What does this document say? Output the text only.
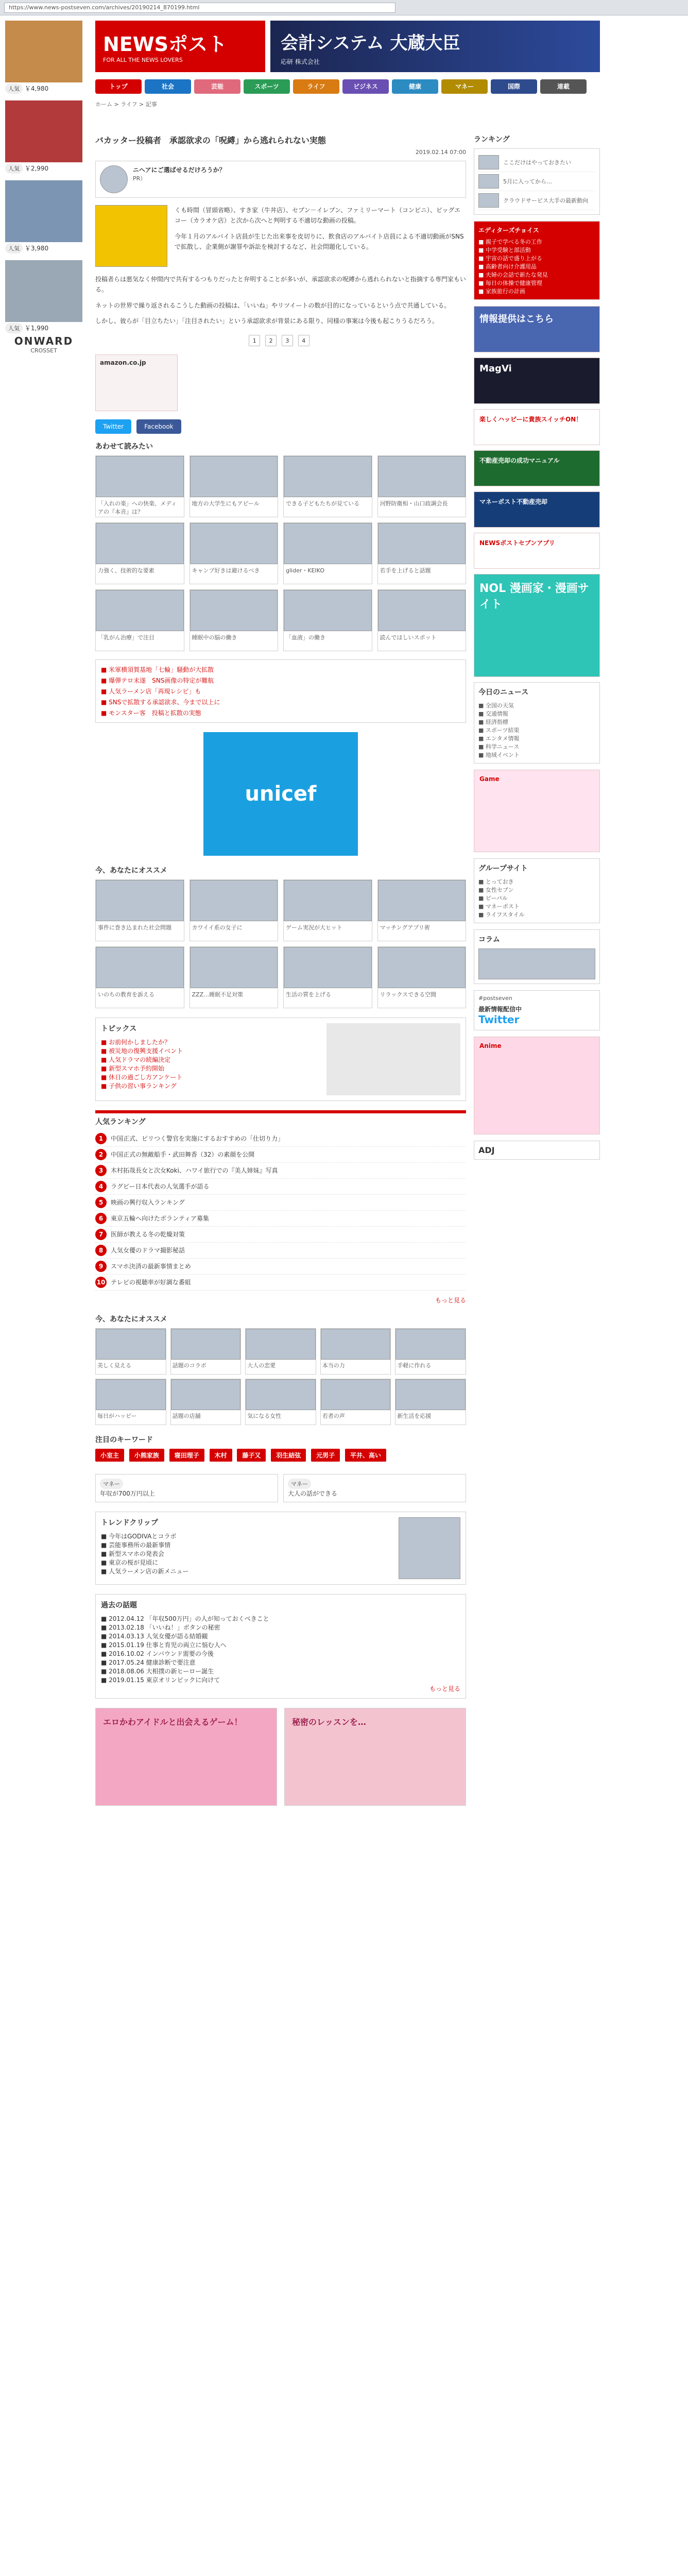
https://www.news-postseven.com/archives/20190214_870199.html
人気 ￥4,980
人気 ￥2,990
人気 ￥3,980
人気 ￥1,990
ONWARD
CROSSET
NEWSポスト
FOR ALL THE NEWS LOVERS
会計システム 大蔵大臣
応研 株式会社
トップ	社会	芸能	スポーツ	ライフ	ビジネス	健康	マネー	国際	連載
ホーム > ライフ > 記事
バカッター投稿者　承認欲求の「呪縛」から逃れられない実態
2019.02.14 07:00
ニヘアにご選ばせるだけろうか？
PR）

くも時間（冒頭省略）、すき家（牛丼店）、セブン－イレブン、ファミリーマート（コンビニ）、ビッグエコー（カラオケ店）と次から次へと判明する不適切な動画の投稿。

今年１月のアルバイト店員が生じた出来事を皮切りに、飲食店のアルバイト店員による不適切動画がSNSで拡散し、企業側が謝罪や訴訟を検討するなど、社会問題化している。

投稿者らは悪気なく仲間内で共有するつもりだったと弁明することが多いが、承認欲求の呪縛から逃れられないと指摘する専門家もいる。

ネットの世界で繰り返されるこうした動画の投稿は、「いいね」やリツイートの数が目的になっているという点で共通している。

しかし、彼らが「目立ちたい」「注目されたい」という承認欲求が背景にある限り、同様の事案は今後も起こりうるだろう。

1 2 3 4
amazon.co.jp
Twitter	Facebook
あわせて読みたい
「入れの楽」への快楽、メディアの『本音』は？
地方の大学生にもアピール	できる子どもたちが見ている	河野防衛相・山口政調会長
力強く、技術的な要素	キャンプ好きは避けるべき	glider・KEIKO	若手を上げると話題
「乳がん治療」で注目	睡眠中の脳の働き	「血液」の働き	読んでほしいスポット
■ 米軍横須賀基地「七輪」騒動が大拡散
■ 爆弾テロ未遂　SNS画像の特定が難航
■ 人気ラーメン店「再現レシピ」も
■ SNSで拡散する承認欲求、今まで以上に
■ モンスター客　投稿と拡散の実態
unicef
今、あなたにオススメ
事件に巻き込まれた社会問題	カワイイ系の女子に	ゲーム実況が大ヒット	マッチングアプリ術
いのちの教育を訴える	ZZZ…睡眠不足対策	生活の質を上げる	リラックスできる空間
トピックス
■ お前何かしましたか？
■ 被災地の復興支援イベント
■ 人気ドラマの続編決定
■ 新型スマホ予約開始
■ 休日の過ごし方アンケート
■ 子供の習い事ランキング
人気ランキング
1	中国正式、ピリつく警官を実施にするおすすめの「仕切り力」
2	中国正式の無敵船手・武田舞香（32）の素顔を公開
3	木村拓哉長女と次女Koki、ハワイ旅行での『美人姉妹』写真
4	ラグビー日本代表の人気選手が語る
5	映画の興行収入ランキング
6	東京五輪へ向けたボランティア募集
7	医師が教える冬の乾燥対策
8	人気女優のドラマ撮影秘話
9	スマホ決済の最新事情まとめ
10 テレビの視聴率が好調な番組
もっと見る
今、あなたにオススメ
美しく見える	話題のコラボ	大人の恋愛	本当の力	手軽に作れる
毎日がハッピー	話題の店舗	気になる女性	若者の声	新生活を応援
注目のキーワード
小室主 小熊家族 寝田理子 木村 藤子又 羽生結弦 元男子 平井、高い
マネー
年収が700万円以上
マネー
大人の話ができる
トレンドクリップ
■ 今年はGODIVAとコラボ
■ 芸能事務所の最新事情
■ 新型スマホの発表会
■ 東京の桜が見頃に
■ 人気ラーメン店の新メニュー
過去の話題
■ 2012.04.12 「年収500万円」の人が知っておくべきこと
■ 2013.02.18 「いいね！」ボタンの秘密
■ 2014.03.13 人気女優が語る結婚観
■ 2015.01.19 仕事と育児の両立に悩む人へ
■ 2016.10.02 インバウンド需要の今後
■ 2017.05.24 健康診断で要注意
■ 2018.08.06 大相撲の新ヒーロー誕生
■ 2019.01.15 東京オリンピックに向けて
もっと見る
エロかわアイドルと出会えるゲーム！	秘密のレッスンを…
ランキング
ここだけはやっておきたい
5月に入ってから…
クラウドサービス大手の最新動向
エディターズチョイス
■ 親子で学べる冬の工作
■ 中学受験と部活動
■ 宇宙の話で盛り上がる
■ 高齢者向け介護用品
■ 夫婦の会話で新たな発見
■ 毎日の体操で健康管理
■ 家族旅行の計画
情報提供はこちら
MagVi
楽しくハッピーに貴族スイッチON！
不動産売却の成功マニュアル
マネーポスト不動産売却
NEWSポストセブンアプリ
NOL 漫画家・漫画サイト
今日のニュース
■ 全国の天気
■ 交通情報
■ 経済指標
■ スポーツ結果
■ エンタメ情報
■ 科学ニュース
■ 地域イベント
Game
グループサイト
■ とっておき
■ 女性セブン
■ ビーパル
■ マネーポスト
■ ライフスタイル
コラム
#postseven
最新情報配信中
Twitter
Anime
ADJ
